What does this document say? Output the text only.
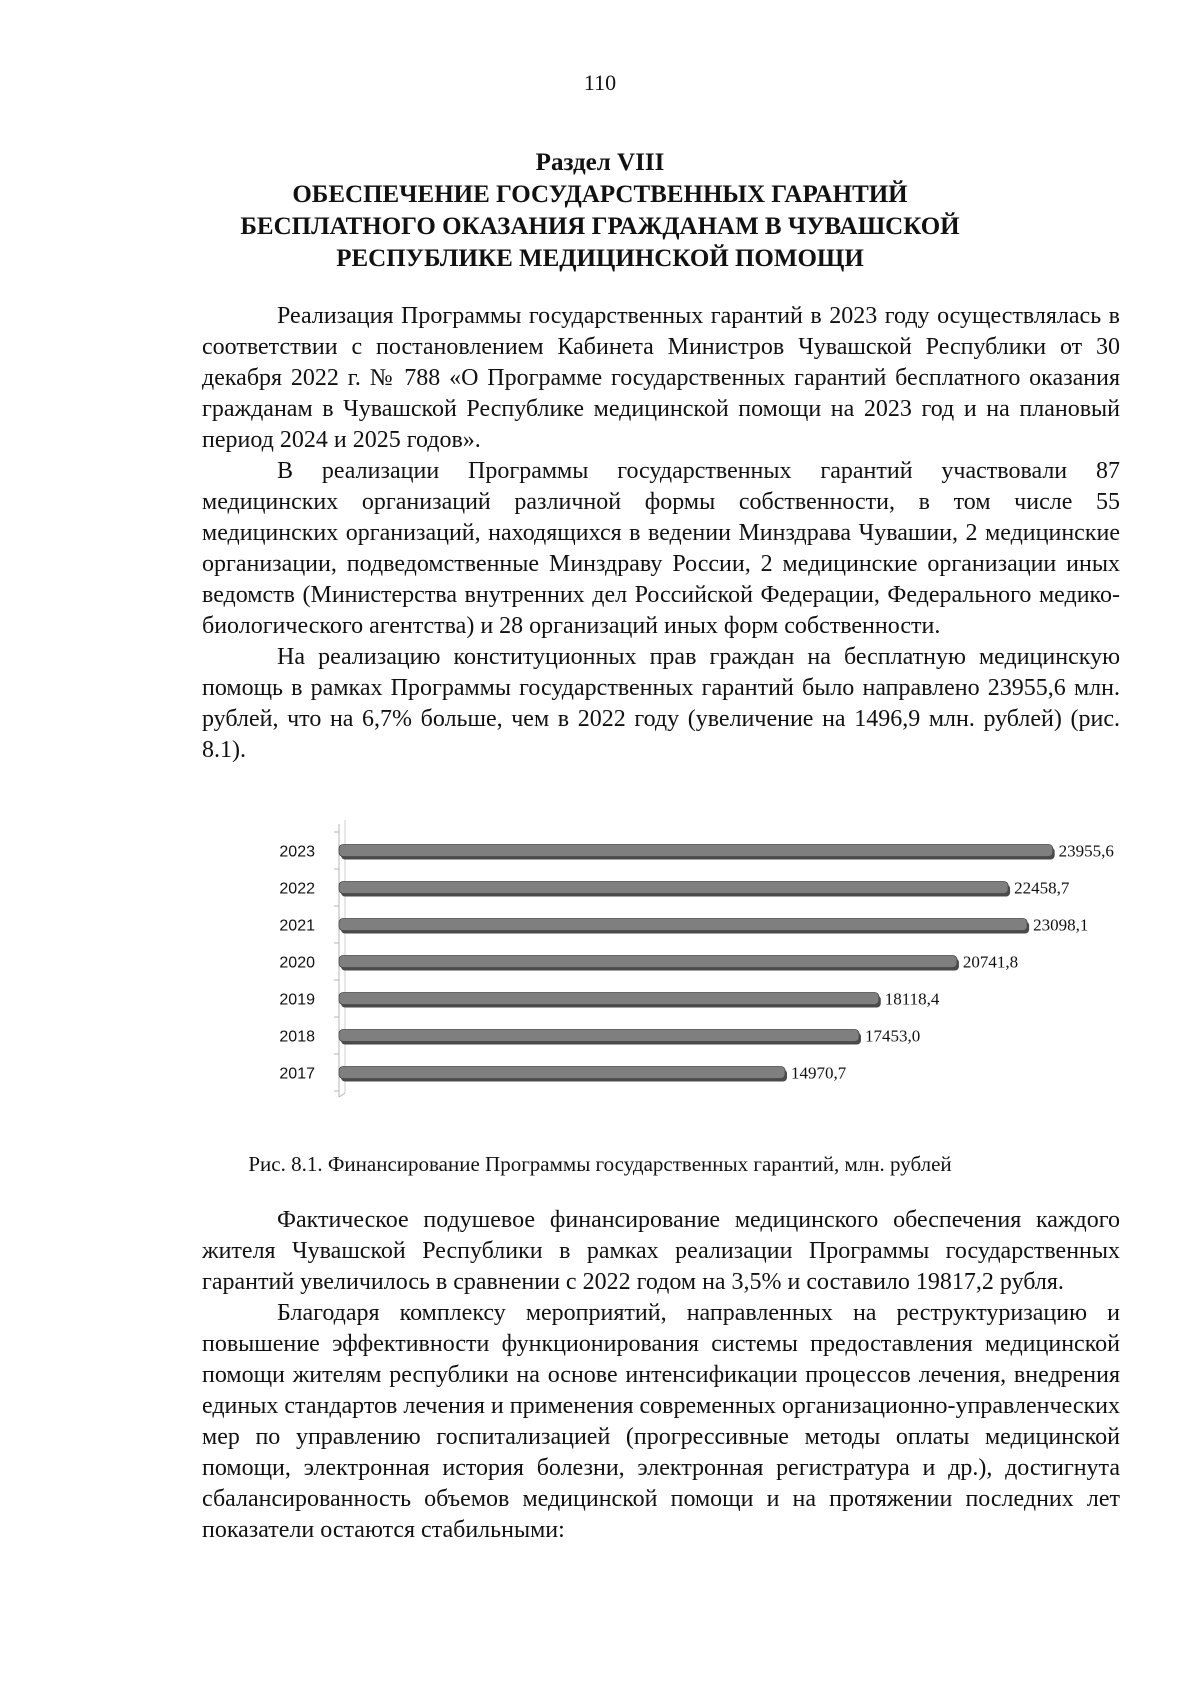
110
Раздел VIII
ОБЕСПЕЧЕНИЕ ГОСУДАРСТВЕННЫХ ГАРАНТИЙ
БЕСПЛАТНОГО ОКАЗАНИЯ ГРАЖДАНАМ В ЧУВАШСКОЙ
РЕСПУБЛИКЕ МЕДИЦИНСКОЙ ПОМОЩИ

Реализация Программы государственных гарантий в 2023 году осуществлялась в соответствии с постановлением Кабинета Министров Чувашской Республики от 30 декабря 2022 г. № 788 «О Программе государственных гарантий бесплатного оказания гражданам в Чувашской Республике медицинской помощи на 2023 год и на плановый период 2024 и 2025 годов».

В реализации Программы государственных гарантий участвовали 87 медицинских организаций различной формы собственности, в том числе 55 медицинских организаций, находящихся в ведении Минздрава Чувашии, 2 медицинские организации, подведомственные Минздраву России, 2 медицинские организации иных ведомств (Министерства внутренних дел Российской Федерации, Федерального медико-биологического агентства) и 28 организаций иных форм собственности.

На реализацию конституционных прав граждан на бесплатную медицинскую помощь в рамках Программы государственных гарантий было направлено 23955,6 млн. рублей, что на 6,7% больше, чем в 2022 году (увеличение на 1496,9 млн. рублей) (рис. 8.1).

2023	23955,6
2022	22458,7
2021	23098,1
2020	20741,8
2019	18118,4
2018	17453,0
2017	14970,7
Рис. 8.1. Финансирование Программы государственных гарантий, млн. рублей

Фактическое подушевое финансирование медицинского обеспечения каждого жителя Чувашской Республики в рамках реализации Программы государственных гарантий увеличилось в сравнении с 2022 годом на 3,5% и составило 19817,2 рубля.

Благодаря комплексу мероприятий, направленных на реструктуризацию и повышение эффективности функционирования системы предоставления медицинской помощи жителям республики на основе интенсификации процессов лечения, внедрения единых стандартов лечения и применения современных организационно-управленческих мер по управлению госпитализацией (прогрессивные методы оплаты медицинской помощи, электронная история болезни, электронная регистратура и др.), достигнута сбалансированность объемов медицинской помощи и на протяжении последних лет показатели остаются стабильными:
